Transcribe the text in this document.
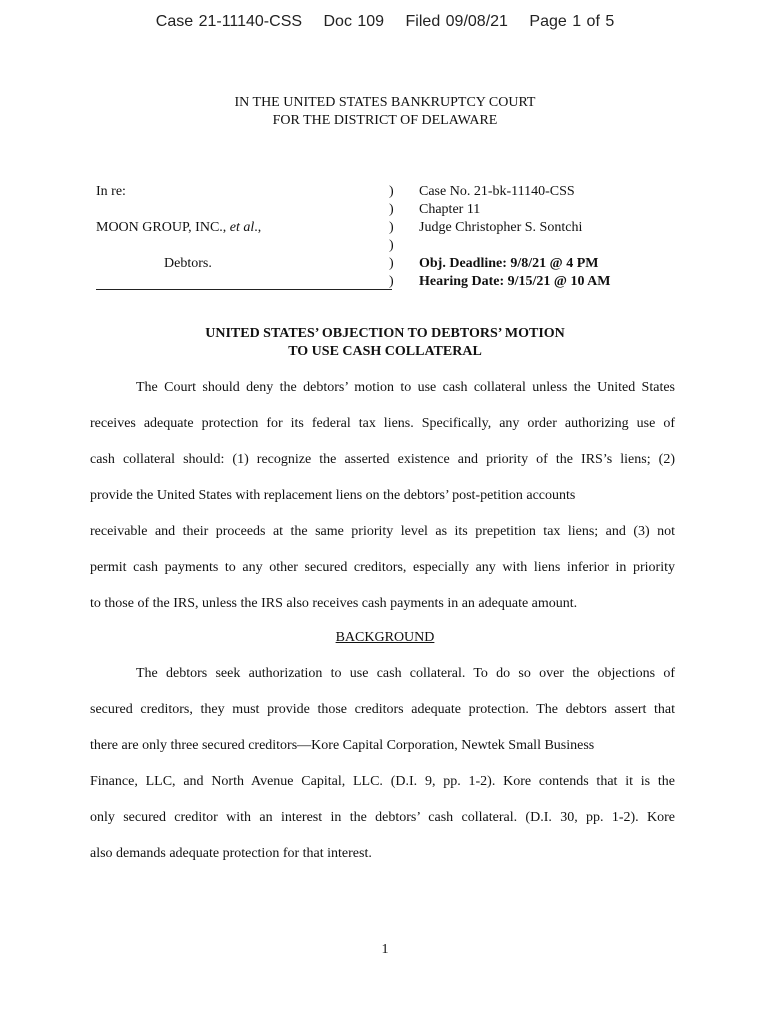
Case 21-11140-CSS Doc 109 Filed 09/08/21 Page 1 of 5
IN THE UNITED STATES BANKRUPTCY COURT
FOR THE DISTRICT OF DELAWARE
In re:
MOON GROUP, INC., et al.,
Debtors.
)
)
)
)
)
)
Case No. 21-bk-11140-CSS
Chapter 11
Judge Christopher S. Sontchi
Obj. Deadline: 9/8/21 @ 4 PM
Hearing Date: 9/15/21 @ 10 AM
UNITED STATES’ OBJECTION TO DEBTORS’ MOTION
TO USE CASH COLLATERAL
The Court should deny the debtors’ motion to use cash collateral unless the United States
receives adequate protection for its federal tax liens. Specifically, any order authorizing use of
cash collateral should: (1) recognize the asserted existence and priority of the IRS’s liens; (2)
provide the United States with replacement liens on the debtors’ post-petition accounts
receivable and their proceeds at the same priority level as its prepetition tax liens; and (3) not
permit cash payments to any other secured creditors, especially any with liens inferior in priority
to those of the IRS, unless the IRS also receives cash payments in an adequate amount.
BACKGROUND
The debtors seek authorization to use cash collateral. To do so over the objections of
secured creditors, they must provide those creditors adequate protection. The debtors assert that
there are only three secured creditors—Kore Capital Corporation, Newtek Small Business
Finance, LLC, and North Avenue Capital, LLC. (D.I. 9, pp. 1-2). Kore contends that it is the
only secured creditor with an interest in the debtors’ cash collateral. (D.I. 30, pp. 1-2). Kore
also demands adequate protection for that interest.
1
